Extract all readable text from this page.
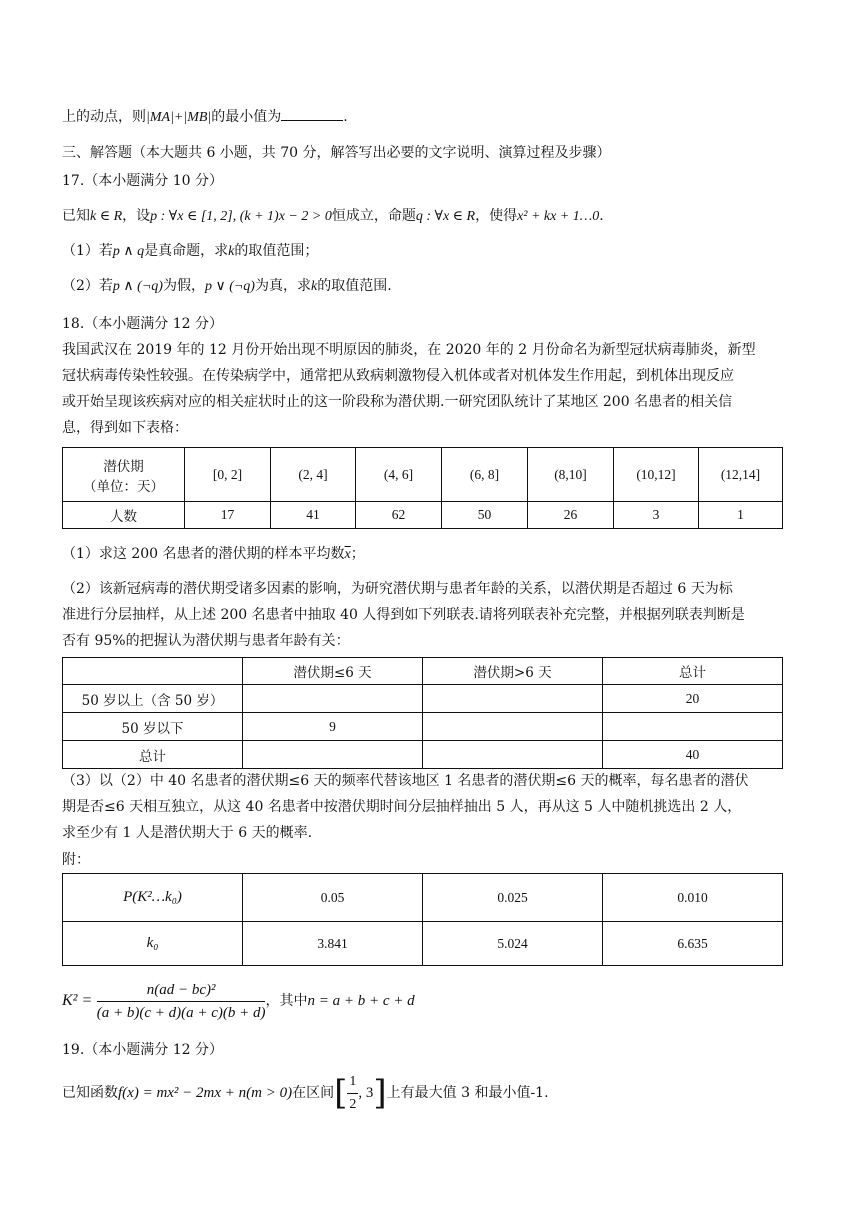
上的动点，则|MA|+|MB|的最小值为	.
三、解答题（本大题共 6 小题，共 70 分，解答写出必要的文字说明、演算过程及步骤）
17.（本小题满分 10 分）
已知k ∈ R，设p : ∀x ∈ [1, 2], (k + 1)x − 2 > 0恒成立，命题q : ∀x ∈ R，使得x² + kx + 1…0.
（1）若p ∧ q是真命题，求k的取值范围；
（2）若p ∧ (¬q)为假，p ∨ (¬q)为真，求k的取值范围.
18.（本小题满分 12 分）
我国武汉在 2019 年的 12 月份开始出现不明原因的肺炎，在 2020 年的 2 月份命名为新型冠状病毒肺炎，新型
冠状病毒传染性较强。在传染病学中，通常把从致病刺激物侵入机体或者对机体发生作用起，到机体出现反应
或开始呈现该疾病对应的相关症状时止的这一阶段称为潜伏期.一研究团队统计了某地区 200 名患者的相关信
息，得到如下表格：
潜伏期
（单位：天）	[0, 2]	(2, 4]	(4, 6]	(6, 8]	(8,10]	(10,12]	(12,14]
人数	17	41	62	50	26	3	1
（1）求这 200 名患者的潜伏期的样本平均数$\overline{x}$；
（2）该新冠病毒的潜伏期受诸多因素的影响，为研究潜伏期与患者年龄的关系，以潜伏期是否超过 6 天为标
准进行分层抽样，从上述 200 名患者中抽取 40 人得到如下列联表.请将列联表补充完整，并根据列联表判断是
否有 95%的把握认为潜伏期与患者年龄有关：
	潜伏期≤6 天	潜伏期>6 天	总计
50 岁以上（含 50 岁）			20
50 岁以下	9		
总计			40
（3）以（2）中 40 名患者的潜伏期≤6 天的频率代替该地区 1 名患者的潜伏期≤6 天的概率，每名患者的潜伏
期是否≤6 天相互独立，从这 40 名患者中按潜伏期时间分层抽样抽出 5 人，再从这 5 人中随机挑选出 2 人，
求至少有 1 人是潜伏期大于 6 天的概率.
附：
P(K²…k₀)	0.05	0.025	0.010
k₀	3.841	5.024	6.635
$K^2 = \frac{\text{n(ad − bc)²}}{(a + b)(c + d)(a + c)(b + d)}$ ，其中n = a + b + c + d
19.（本小题满分 12 分）
已知函数f(x) = mx² − 2mx + n(m > 0)在区间[ $\frac{1}{2}$ , 3]上有最大值 3 和最小值-1.
